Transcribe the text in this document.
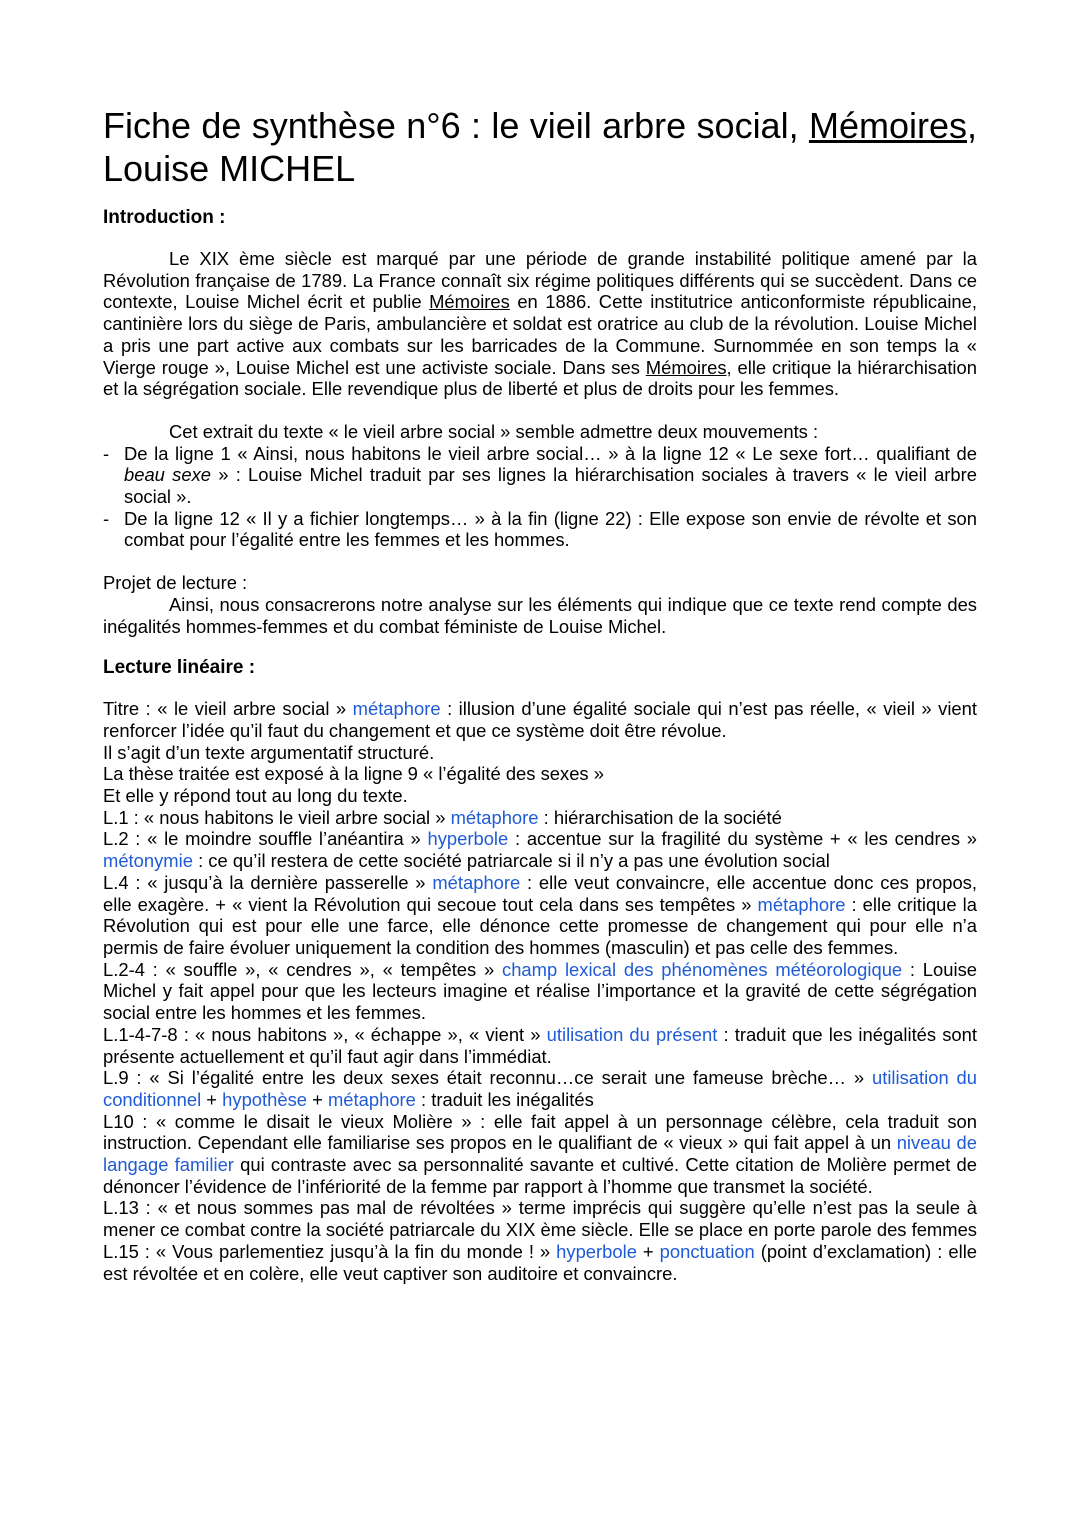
Fiche de synthèse n°6 : le vieil arbre social, Mémoires, Louise MICHEL
Introduction :

Le XIX ème siècle est marqué par une période de grande instabilité politique amené par la Révolution française de 1789. La France connaît six régime politiques différents qui se succèdent. Dans ce contexte, Louise Michel écrit et publie Mémoires en 1886. Cette institutrice anticonformiste républicaine, cantinière lors du siège de Paris, ambulancière et soldat est oratrice au club de la révolution. Louise Michel a pris une part active aux combats sur les barricades de la Commune. Surnommée en son temps la « Vierge rouge », Louise Michel est une activiste sociale. Dans ses Mémoires, elle critique la hiérarchisation et la ségrégation sociale. Elle revendique plus de liberté et plus de droits pour les femmes.

Cet extrait du texte « le vieil arbre social » semble admettre deux mouvements :

- De la ligne 1 « Ainsi, nous habitons le vieil arbre social… » à la ligne 12 « Le sexe fort… qualifiant de beau sexe » : Louise Michel traduit par ses lignes la hiérarchisation sociales à travers « le vieil arbre social ».
- De la ligne 12 « Il y a fichier longtemps… » à la fin (ligne 22) : Elle expose son envie de révolte et son combat pour l’égalité entre les femmes et les hommes.

Projet de lecture :

Ainsi, nous consacrerons notre analyse sur les éléments qui indique que ce texte rend compte des inégalités hommes-femmes et du combat féministe de Louise Michel.

Lecture linéaire :

Titre : « le vieil arbre social » métaphore : illusion d’une égalité sociale qui n’est pas réelle, « vieil » vient renforcer l’idée qu’il faut du changement et que ce système doit être révolue.

Il s’agit d’un texte argumentatif structuré.

La thèse traitée est exposé à la ligne 9 « l’égalité des sexes »

Et elle y répond tout au long du texte.

L.1 : « nous habitons le vieil arbre social » métaphore : hiérarchisation de la société

L.2 : « le moindre souffle l’anéantira » hyperbole : accentue sur la fragilité du système + « les cendres » métonymie : ce qu’il restera de cette société patriarcale si il n’y a pas une évolution social

L.4 : « jusqu’à la dernière passerelle » métaphore : elle veut convaincre, elle accentue donc ces propos, elle exagère. + « vient la Révolution qui secoue tout cela dans ses tempêtes » métaphore : elle critique la Révolution qui est pour elle une farce, elle dénonce cette promesse de changement qui pour elle n’a permis de faire évoluer uniquement la condition des hommes (masculin) et pas celle des femmes.

L.2-4 : « souffle », « cendres », « tempêtes » champ lexical des phénomènes météorologique : Louise Michel y fait appel pour que les lecteurs imagine et réalise l’importance et la gravité de cette ségrégation social entre les hommes et les femmes.

L.1-4-7-8 : « nous habitons », « échappe », « vient » utilisation du présent : traduit que les inégalités sont présente actuellement et qu’il faut agir dans l’immédiat.

L.9 : « Si l’égalité entre les deux sexes était reconnu…ce serait une fameuse brèche… » utilisation du conditionnel + hypothèse + métaphore : traduit les inégalités

L10 : « comme le disait le vieux Molière » : elle fait appel à un personnage célèbre, cela traduit son instruction. Cependant elle familiarise ses propos en le qualifiant de « vieux » qui fait appel à un niveau de langage familier qui contraste avec sa personnalité savante et cultivé. Cette citation de Molière permet de dénoncer l’évidence de l’infériorité de la femme par rapport à l’homme que transmet la société.

L.13 : « et nous sommes pas mal de révoltées » terme imprécis qui suggère qu’elle n’est pas la seule à mener ce combat contre la société patriarcale du XIX ème siècle. Elle se place en porte parole des femmes

L.15 : « Vous parlementiez jusqu’à la fin du monde ! » hyperbole + ponctuation (point d’exclamation) : elle est révoltée et en colère, elle veut captiver son auditoire et convaincre.
